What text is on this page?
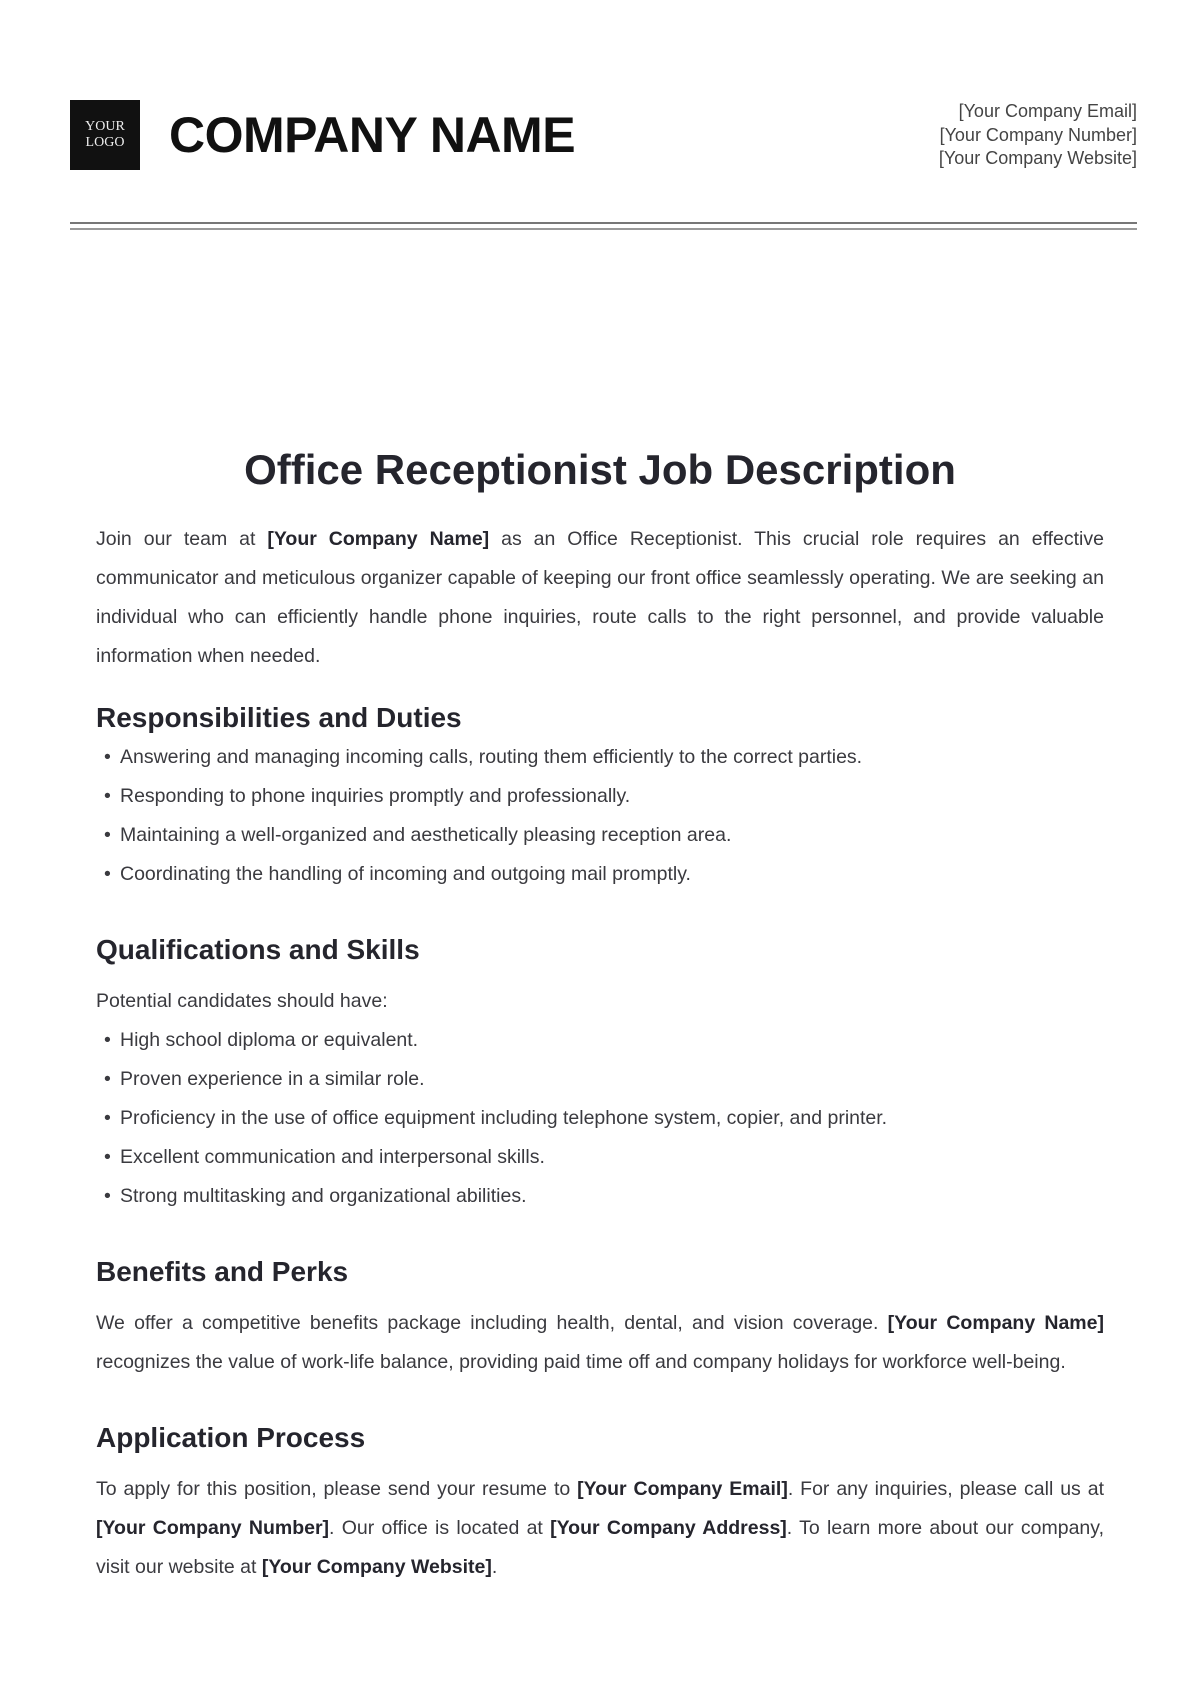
YOUR
LOGO COMPANY NAME	[Your Company Email]
[Your Company Number]
[Your Company Website]
Office Receptionist Job Description

Join our team at [Your Company Name] as an Office Receptionist. This crucial role requires an effective communicator and meticulous organizer capable of keeping our front office seamlessly operating. We are seeking an individual who can efficiently handle phone inquiries, route calls to the right personnel, and provide valuable information when needed.

Responsibilities and Duties
• Answering and managing incoming calls, routing them efficiently to the correct parties.
• Responding to phone inquiries promptly and professionally.
• Maintaining a well-organized and aesthetically pleasing reception area.
• Coordinating the handling of incoming and outgoing mail promptly.
Qualifications and Skills

Potential candidates should have:

• High school diploma or equivalent.
• Proven experience in a similar role.
• Proficiency in the use of office equipment including telephone system, copier, and printer.
• Excellent communication and interpersonal skills.
• Strong multitasking and organizational abilities.
Benefits and Perks

We offer a competitive benefits package including health, dental, and vision coverage. [Your Company Name] recognizes the value of work-life balance, providing paid time off and company holidays for workforce well-being.

Application Process

To apply for this position, please send your resume to [Your Company Email]. For any inquiries, please call us at [Your Company Number]. Our office is located at [Your Company Address]. To learn more about our company, visit our website at [Your Company Website].
